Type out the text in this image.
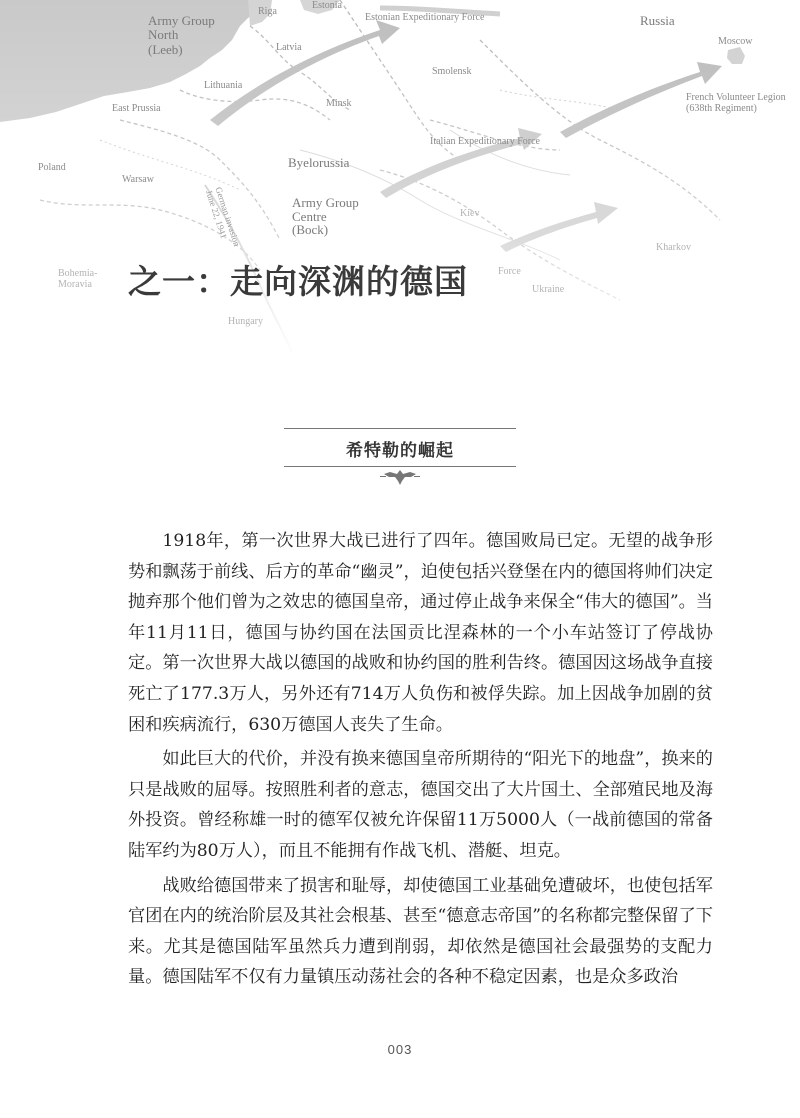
Army Group
North
(Leeb)
Riga
Estonia
Estonian Expeditionary Force	Russia
Moscow
Latvia
Smolensk
Lithuania
East Prussia	Minsk
French Volunteer Legion
(638th Regiment)
Italian Expeditionary Force
Poland
Warsaw
Byelorussia
German invasion
June 22, 1941	Army Group
Centre
(Bock)
Kiev
Kharkov
Bohemia-
Moravia
Force
Ukraine
Hungary
之一：走向深渊的德国
希特勒的崛起

1918年，第一次世界大战已进行了四年。德国败局已定。无望的战争形势和飘荡于前线、后方的革命“幽灵”，迫使包括兴登堡在内的德国将帅们决定抛弃那个他们曾为之效忠的德国皇帝，通过停止战争来保全“伟大的德国”。当年11月11日，德国与协约国在法国贡比涅森林的一个小车站签订了停战协定。第一次世界大战以德国的战败和协约国的胜利告终。德国因这场战争直接死亡了177.3万人，另外还有714万人负伤和被俘失踪。加上因战争加剧的贫困和疾病流行，630万德国人丧失了生命。

如此巨大的代价，并没有换来德国皇帝所期待的“阳光下的地盘”，换来的只是战败的屈辱。按照胜利者的意志，德国交出了大片国土、全部殖民地及海外投资。曾经称雄一时的德军仅被允许保留11万5000人（一战前德国的常备陆军约为80万人），而且不能拥有作战飞机、潜艇、坦克。

战败给德国带来了损害和耻辱，却使德国工业基础免遭破坏，也使包括军官团在内的统治阶层及其社会根基、甚至“德意志帝国”的名称都完整保留了下来。尤其是德国陆军虽然兵力遭到削弱，却依然是德国社会最强势的支配力量。德国陆军不仅有力量镇压动荡社会的各种不稳定因素，也是众多政治

003
